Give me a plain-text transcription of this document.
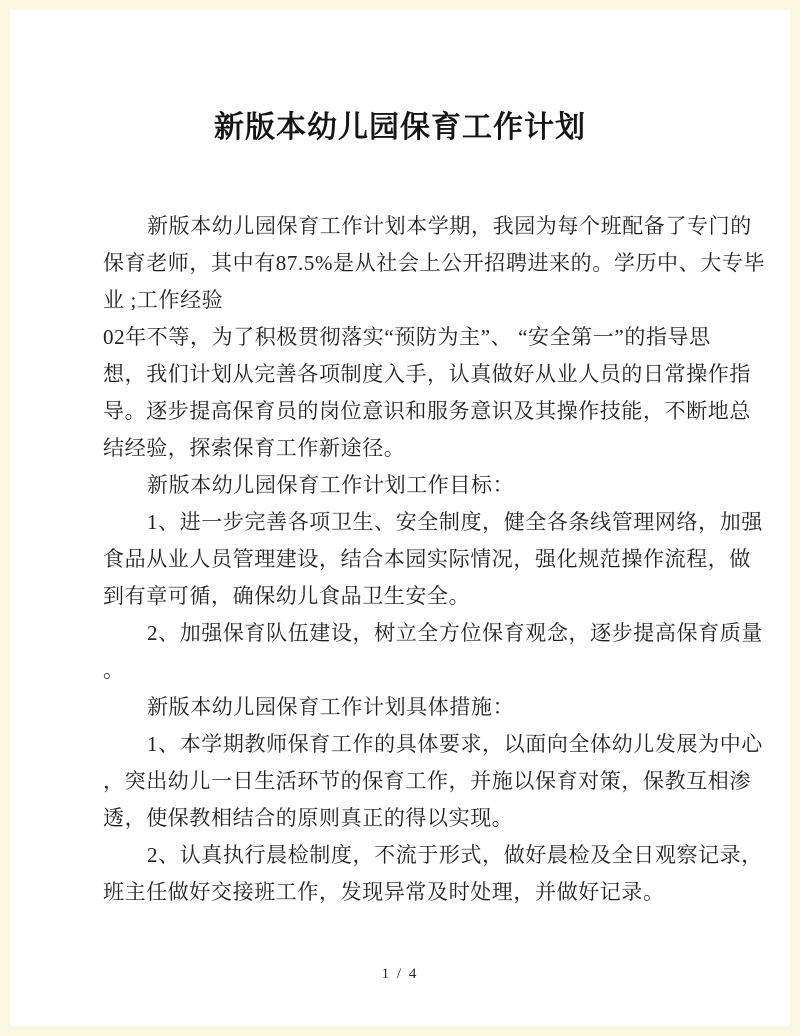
新版本幼儿园保育工作计划
新版本幼儿园保育工作计划本学期，我园为每个班配备了专门的
保育老师，其中有87.5%是从社会上公开招聘进来的。学历中、大专毕
业 ;工作经验
02年不等，为了积极贯彻落实“预防为主”、 “安全第一”的指导思
想，我们计划从完善各项制度入手，认真做好从业人员的日常操作指
导。逐步提高保育员的岗位意识和服务意识及其操作技能，不断地总
结经验，探索保育工作新途径。
新版本幼儿园保育工作计划工作目标：
1、进一步完善各项卫生、安全制度，健全各条线管理网络，加强
食品从业人员管理建设，结合本园实际情况，强化规范操作流程，做
到有章可循，确保幼儿食品卫生安全。
2、加强保育队伍建设，树立全方位保育观念，逐步提高保育质量
。
新版本幼儿园保育工作计划具体措施：
1、本学期教师保育工作的具体要求，以面向全体幼儿发展为中心
，突出幼儿一日生活环节的保育工作，并施以保育对策，保教互相渗
透，使保教相结合的原则真正的得以实现。
2、认真执行晨检制度，不流于形式，做好晨检及全日观察记录，
班主任做好交接班工作，发现异常及时处理，并做好记录。
1 / 4
